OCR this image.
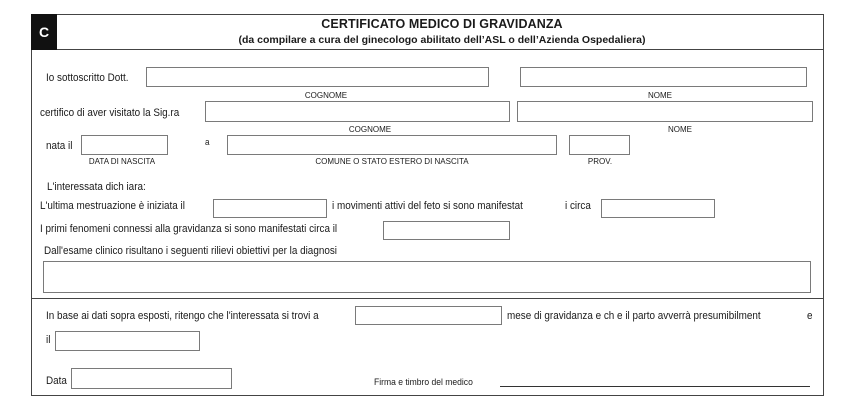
C	CERTIFICATO MEDICO DI GRAVIDANZA
(da compilare a cura del ginecologo abilitato dell’ASL o dell’Azienda Ospedaliera)
Io sottoscritto Dott.
COGNOME	NOME
certifico di aver visitato la Sig.ra
COGNOME	NOME
nata il	a
DATA DI NASCITA	COMUNE O STATO ESTERO DI NASCITA	PROV.
L'interessata dich iara:
L'ultima mestruazione è iniziata il	i movimenti attivi del feto si sono manifestat	i circa
I primi fenomeni connessi alla gravidanza si sono manifestati circa il
Dall'esame clinico risultano i seguenti rilievi obiettivi per la diagnosi
In base ai dati sopra esposti, ritengo che l'interessata si trovi a	mese di gravidanza e ch e il parto avverrà presumibilment	e
il
Data	Firma e timbro del medico
